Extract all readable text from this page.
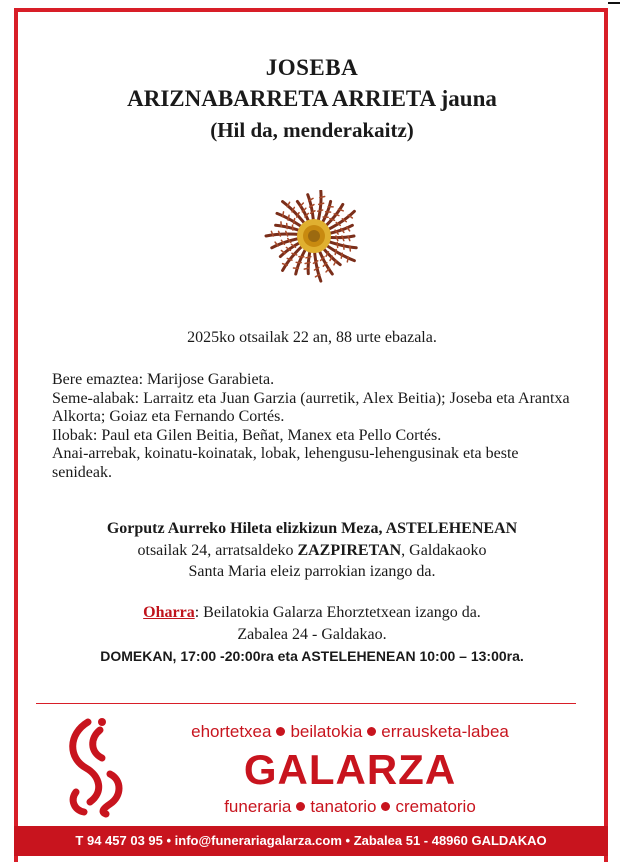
JOSEBA
ARIZNABARRETA ARRIETA jauna
(Hil da, menderakaitz)
2025ko otsailak 22 an, 88 urte ebazala.
Bere emaztea: Marijose Garabieta.
Seme-alabak: Larraitz eta Juan Garzia (aurretik, Alex Beitia); Joseba eta Arantxa Alkorta; Goiaz eta Fernando Cortés.
Ilobak: Paul eta Gilen Beitia, Beñat, Manex eta Pello Cortés.
Anai-arrebak, koinatu-koinatak, lobak, lehengusu-lehengusinak eta beste senideak.
Gorputz Aurreko Hileta elizkizun Meza, ASTELEHENEAN
otsailak 24, arratsaldeko ZAZPIRETAN, Galdakaoko
Santa Maria eleiz parrokian izango da.
Oharra: Beilatokia Galarza Ehorztetxean izango da.
Zabalea 24 - Galdakao.
DOMEKAN, 17:00 -20:00ra eta ASTELEHENEAN 10:00 – 13:00ra.
ehortetxea beilatokia errausketa-labea
GALARZA
funeraria tanatorio crematorio
T 94 457 03 95 • info@funerariagalarza.com • Zabalea 51 - 48960 GALDAKAO
